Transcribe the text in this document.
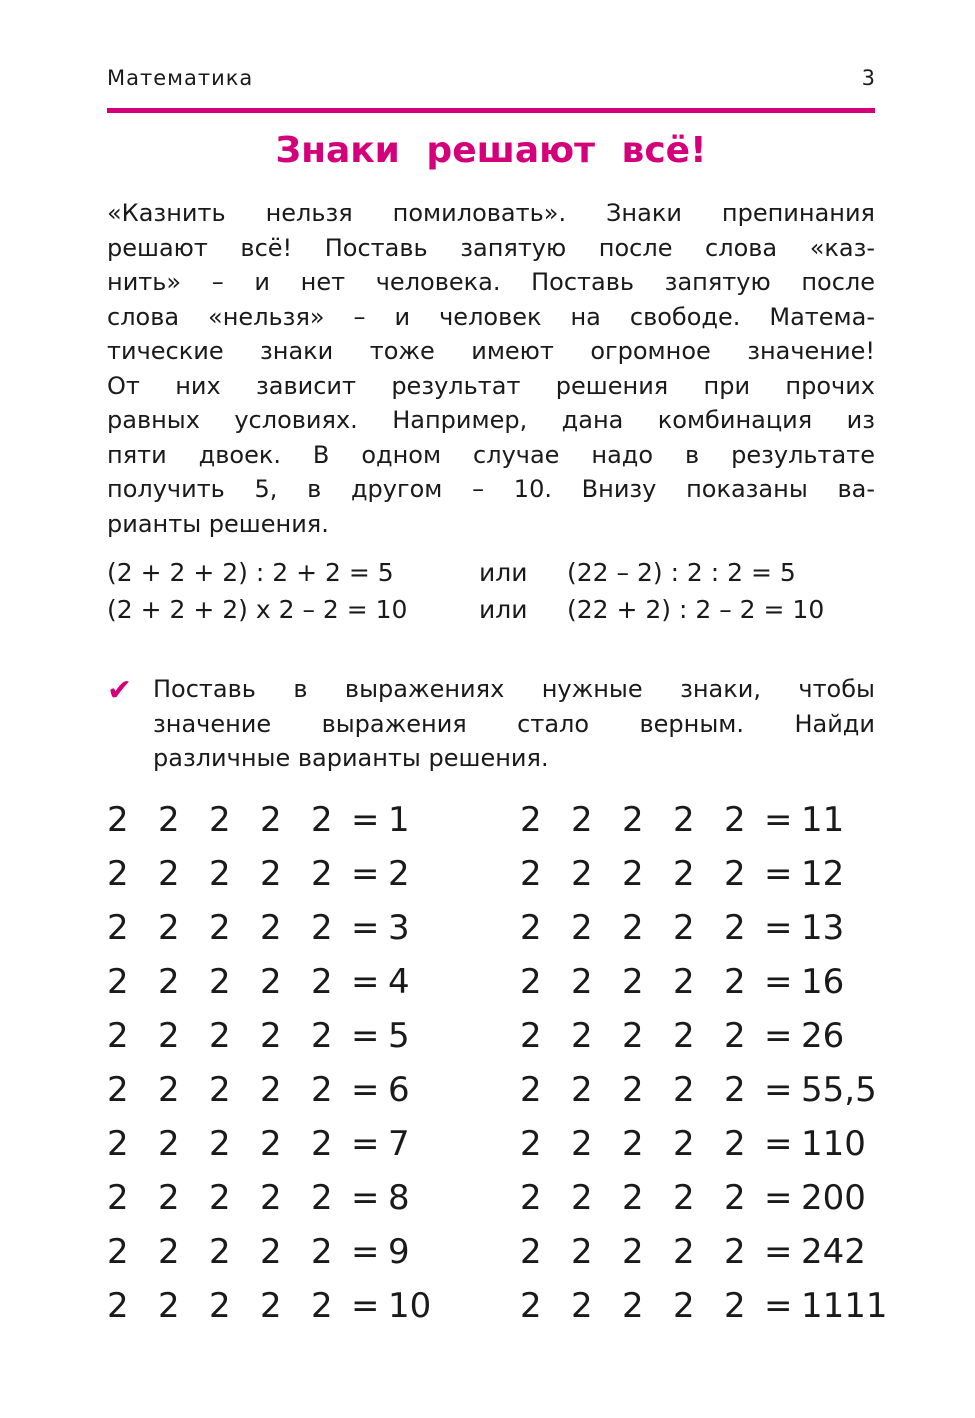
Математика	3
Знаки решают всё!
«Казнить нельзя помиловать». Знаки препинания
решают всё! Поставь запятую после слова «каз-
нить» – и нет человека. Поставь запятую после
слова «нельзя» – и человек на свободе. Матема-
тические знаки тоже имеют огромное значение!
От них зависит результат решения при прочих
равных условиях. Например, дана комбинация из
пяти двоек. В одном случае надо в результате
получить 5, в другом – 10. Внизу показаны ва-
рианты решения.
(2 + 2 + 2) : 2 + 2 = 5	или (22 – 2) : 2 : 2 = 5
(2 + 2 + 2) x 2 – 2 = 10	или (22 + 2) : 2 – 2 = 10
✔ Поставь в выражениях нужные знаки, чтобы
значение выражения стало верным. Найди
различные варианты решения.
2 2 2 2 2 = 1
2 2 2 2 2 = 2
2 2 2 2 2 = 3
2 2 2 2 2 = 4
2 2 2 2 2 = 5
2 2 2 2 2 = 6
2 2 2 2 2 = 7
2 2 2 2 2 = 8
2 2 2 2 2 = 9
2 2 2 2 2 = 10
2 2 2 2 2 = 11
2 2 2 2 2 = 12
2 2 2 2 2 = 13
2 2 2 2 2 = 16
2 2 2 2 2 = 26
2 2 2 2 2 = 55,5
2 2 2 2 2 = 110
2 2 2 2 2 = 200
2 2 2 2 2 = 242
2 2 2 2 2 = 1111
